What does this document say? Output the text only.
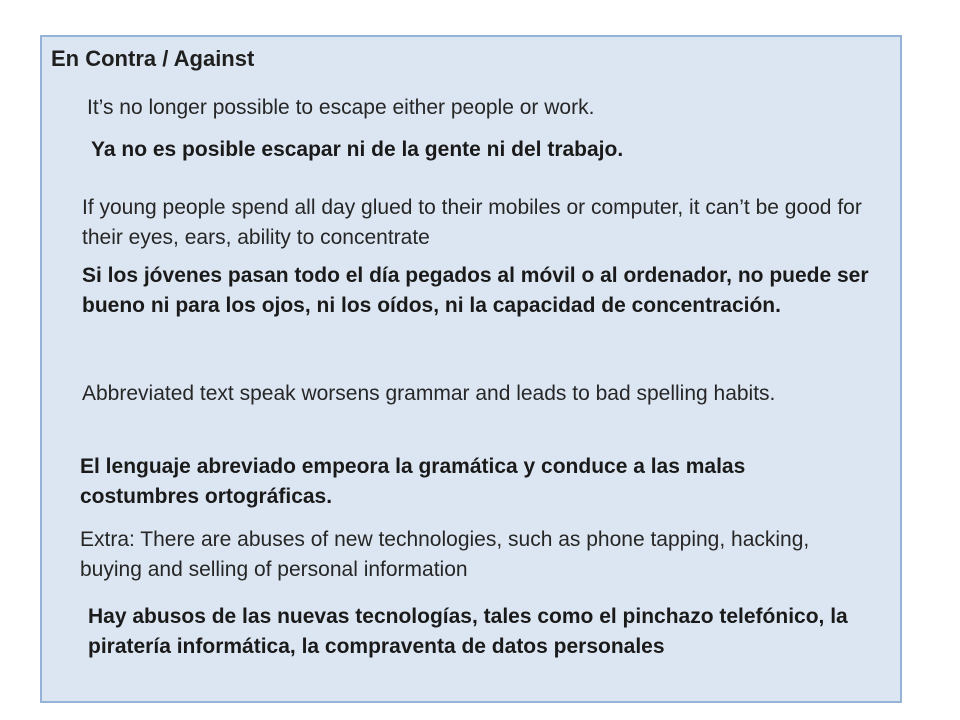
En Contra / Against

It’s no longer possible to escape either people or work.

Ya no es posible escapar ni de la gente ni del trabajo.

If young people spend all day glued to their mobiles or computer, it can’t be good for their eyes, ears, ability to concentrate

Si los jóvenes pasan todo el día pegados al móvil o al ordenador, no puede ser bueno ni para los ojos, ni los oídos, ni la capacidad de concentración.

Abbreviated text speak worsens grammar and leads to bad spelling habits.

El lenguaje abreviado empeora la gramática y conduce a las malas costumbres ortográficas.

Extra: There are abuses of new technologies, such as phone tapping, hacking, buying and selling of personal information

Hay abusos de las nuevas tecnologías, tales como el pinchazo telefónico, la piratería informática, la compraventa de datos personales
